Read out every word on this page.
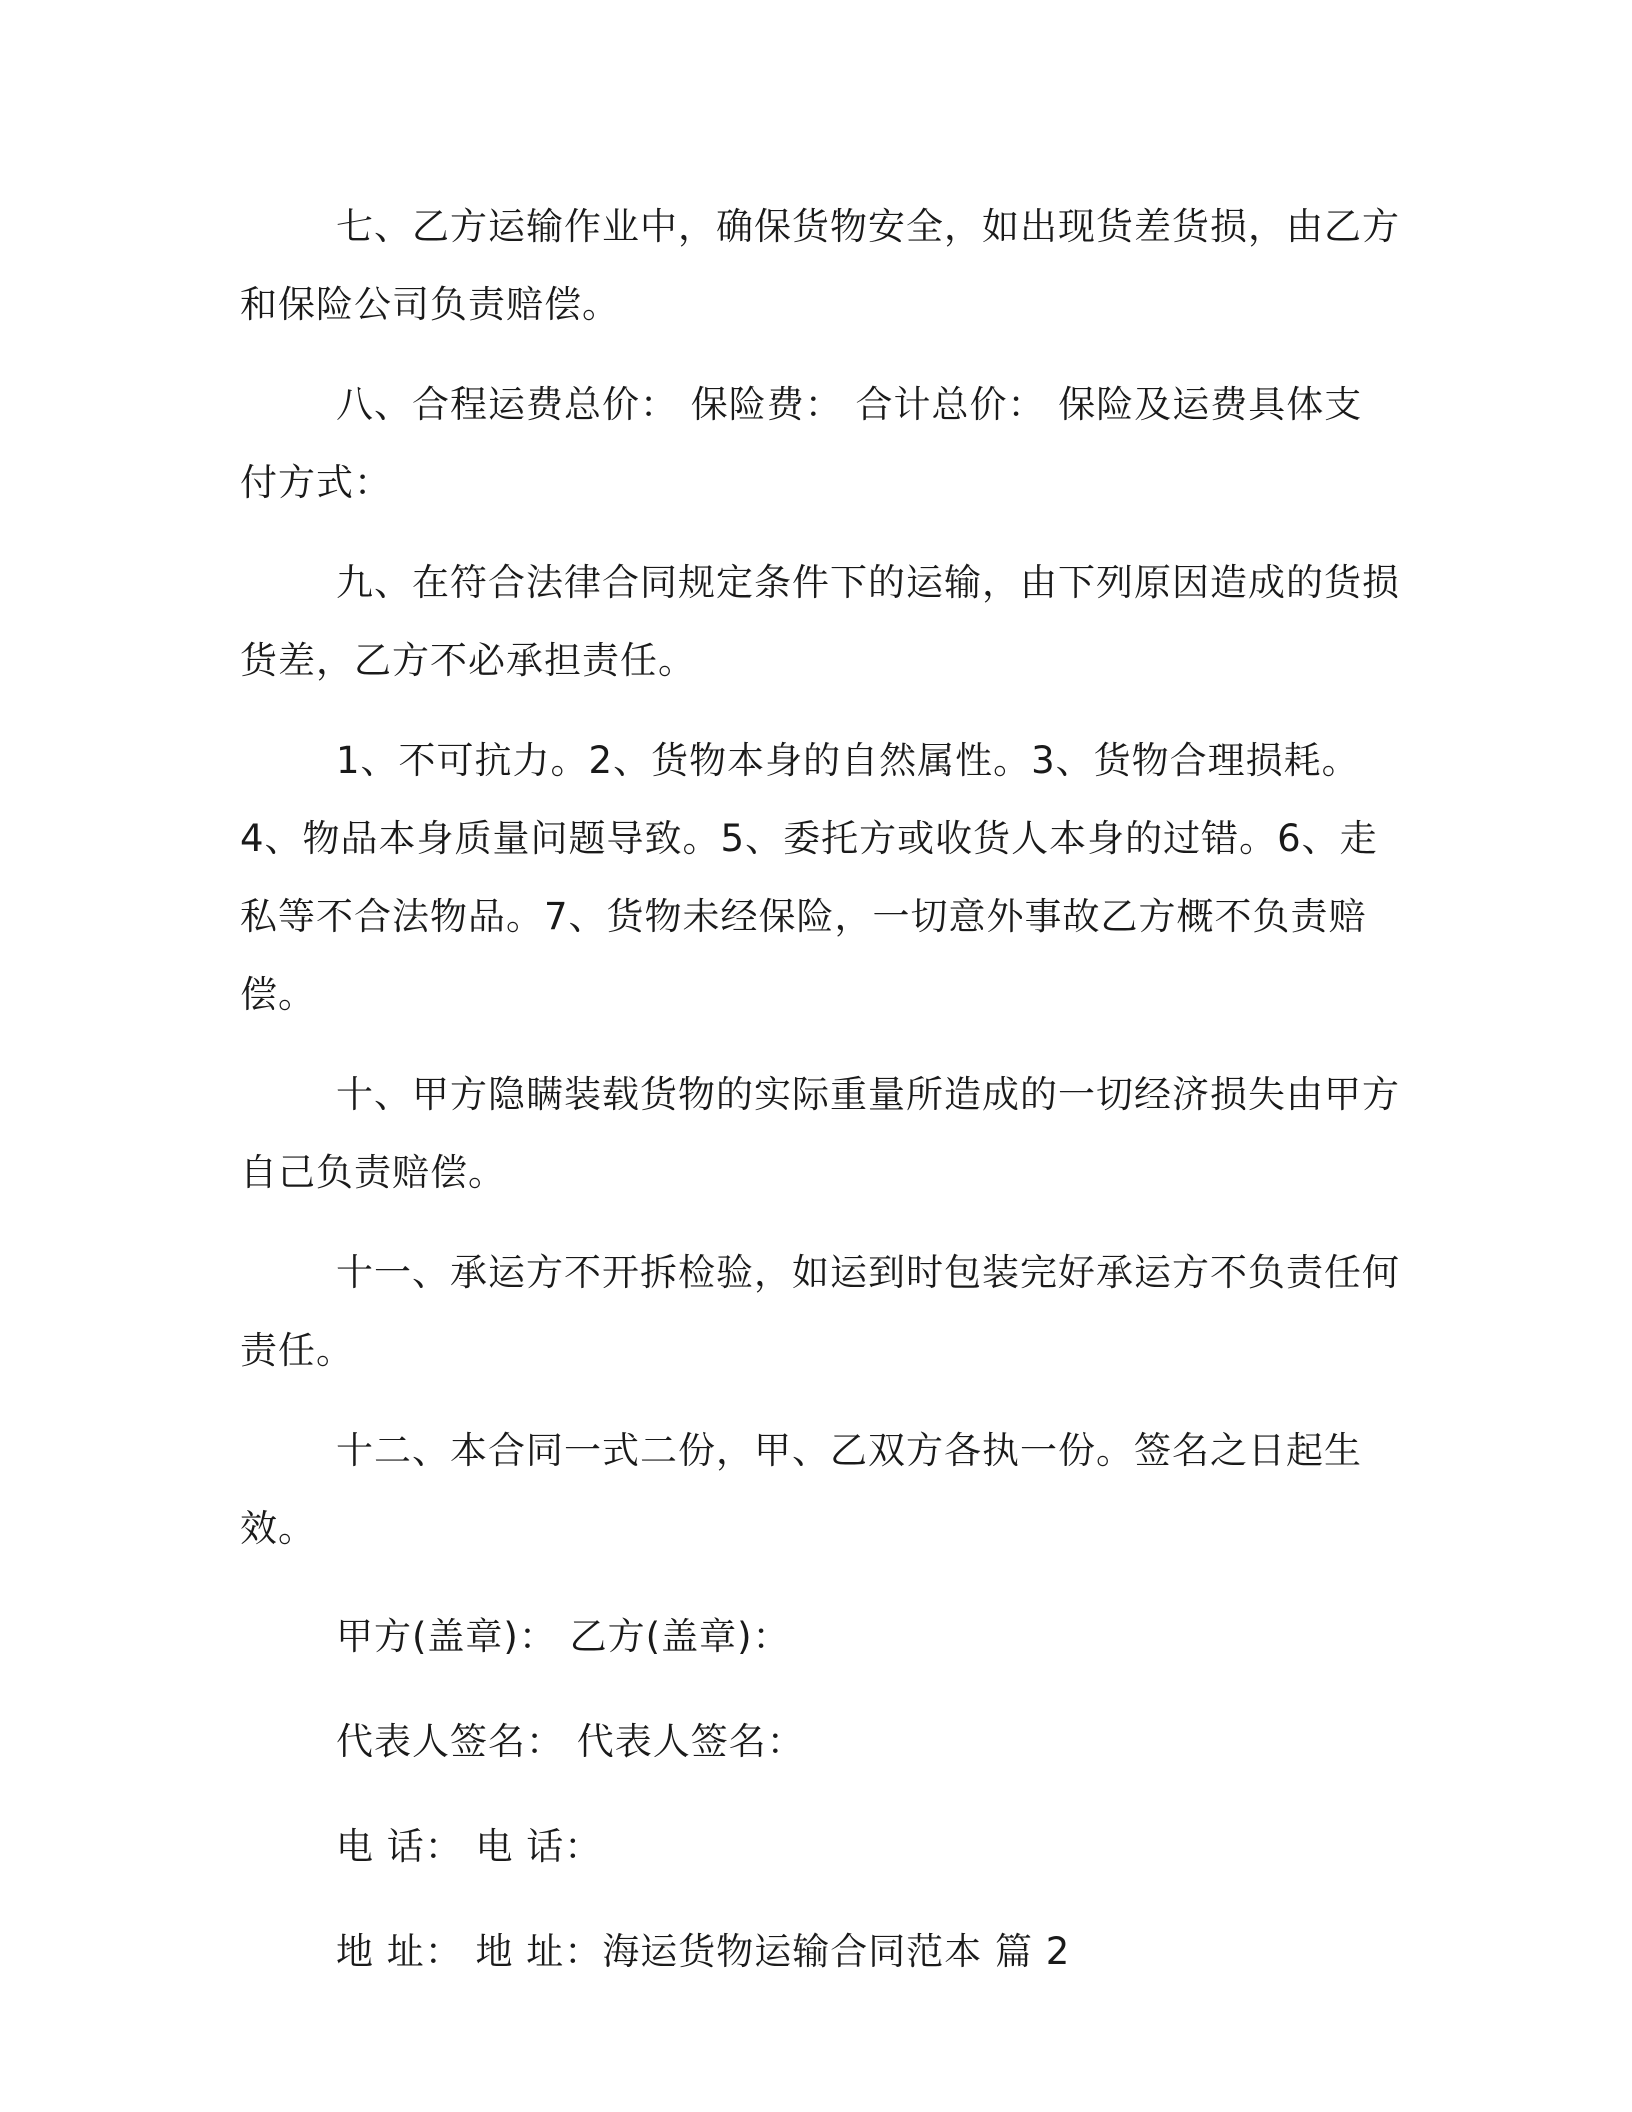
七、乙方运输作业中，确保货物安全，如出现货差货损，由乙方和保险公司负责赔偿。

八、合程运费总价： 保险费： 合计总价： 保险及运费具体支付方式：

九、在符合法律合同规定条件下的运输，由下列原因造成的货损货差，乙方不必承担责任。

1、不可抗力。2、货物本身的自然属性。3、货物合理损耗。4、物品本身质量问题导致。5、委托方或收货人本身的过错。6、走私等不合法物品。7、货物未经保险，一切意外事故乙方概不负责赔偿。

十、甲方隐瞒装载货物的实际重量所造成的一切经济损失由甲方自己负责赔偿。

十一、承运方不开拆检验，如运到时包装完好承运方不负责任何责任。

十二、本合同一式二份，甲、乙双方各执一份。签名之日起生效。

甲方(盖章)： 乙方(盖章)：

代表人签名： 代表人签名：

电 话： 电 话：

地 址： 地 址：海运货物运输合同范本 篇 2
